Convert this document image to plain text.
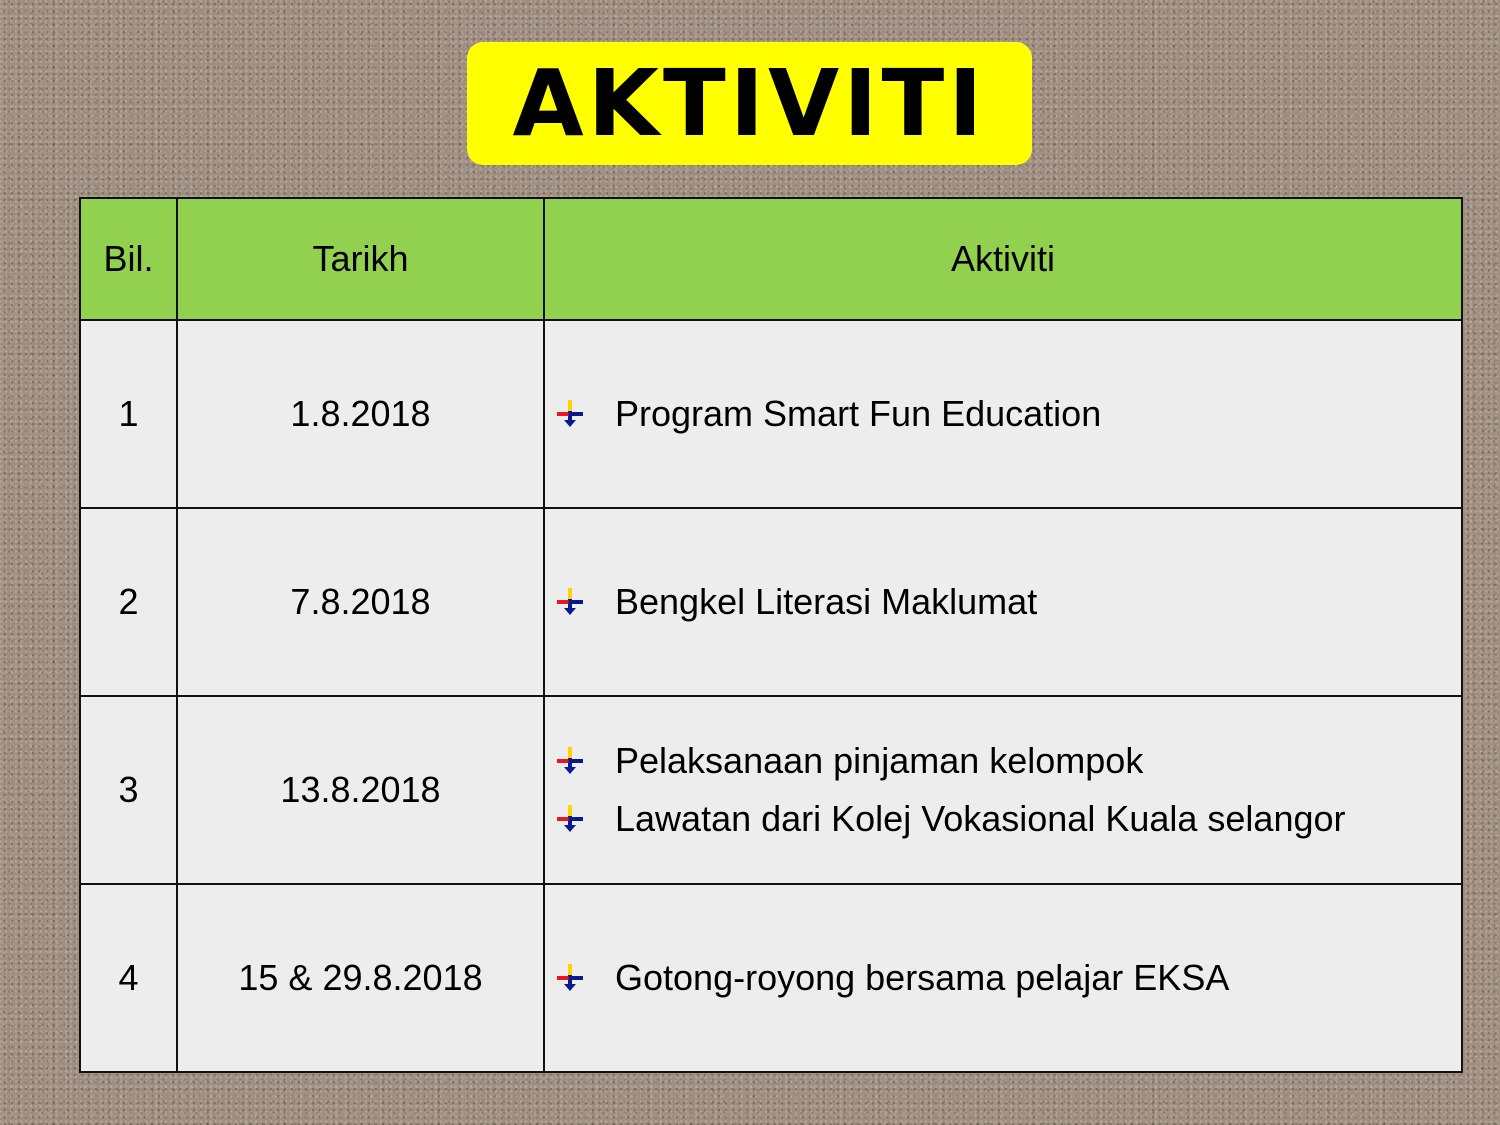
AKTIVITI
Bil.	Tarikh	Aktiviti
1	1.8.2018	Program Smart Fun Education

2	7.8.2018	Bengkel Literasi Maklumat

3	13.8.2018	Pelaksanaan pinjaman kelompok
Lawatan dari Kolej Vokasional Kuala selangor

4	15 & 29.8.2018	Gotong-royong bersama pelajar EKSA
